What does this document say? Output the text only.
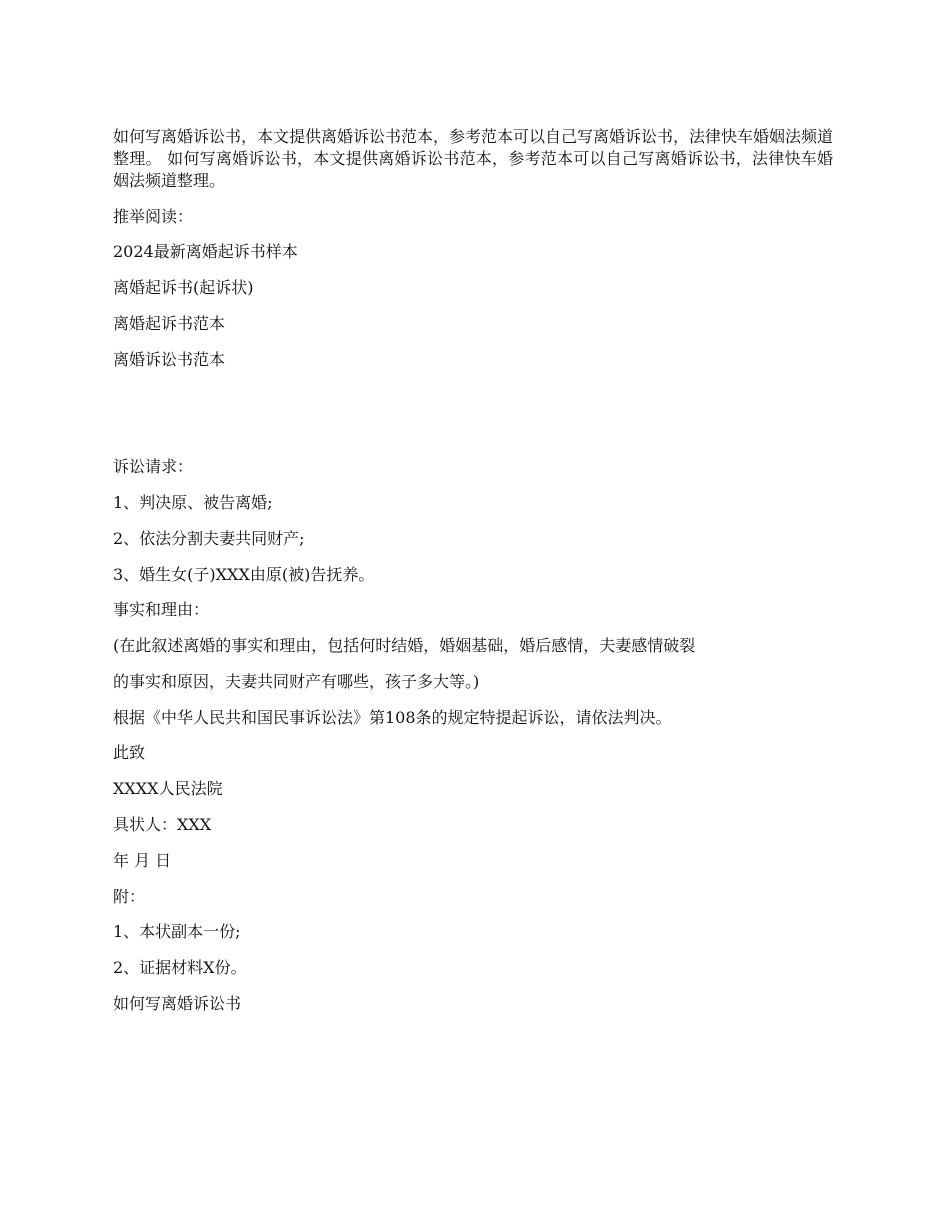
如何写离婚诉讼书，本文提供离婚诉讼书范本，参考范本可以自己写离婚诉讼书，法律快车婚姻法频道整理。 如何写离婚诉讼书，本文提供离婚诉讼书范本，参考范本可以自己写离婚诉讼书，法律快车婚姻法频道整理。

推举阅读：

2024最新离婚起诉书样本

离婚起诉书(起诉状)

离婚起诉书范本

离婚诉讼书范本

诉讼请求：

1、判决原、被告离婚;

2、依法分割夫妻共同财产;

3、婚生女(子)XXX由原(被)告抚养。

事实和理由：

(在此叙述离婚的事实和理由，包括何时结婚，婚姻基础，婚后感情，夫妻感情破裂

的事实和原因，夫妻共同财产有哪些，孩子多大等。)

根据《中华人民共和国民事诉讼法》第108条的规定特提起诉讼，请依法判决。

此致

XXXX人民法院

具状人：XXX

年 月 日

附：

1、本状副本一份;

2、证据材料X份。

如何写离婚诉讼书
